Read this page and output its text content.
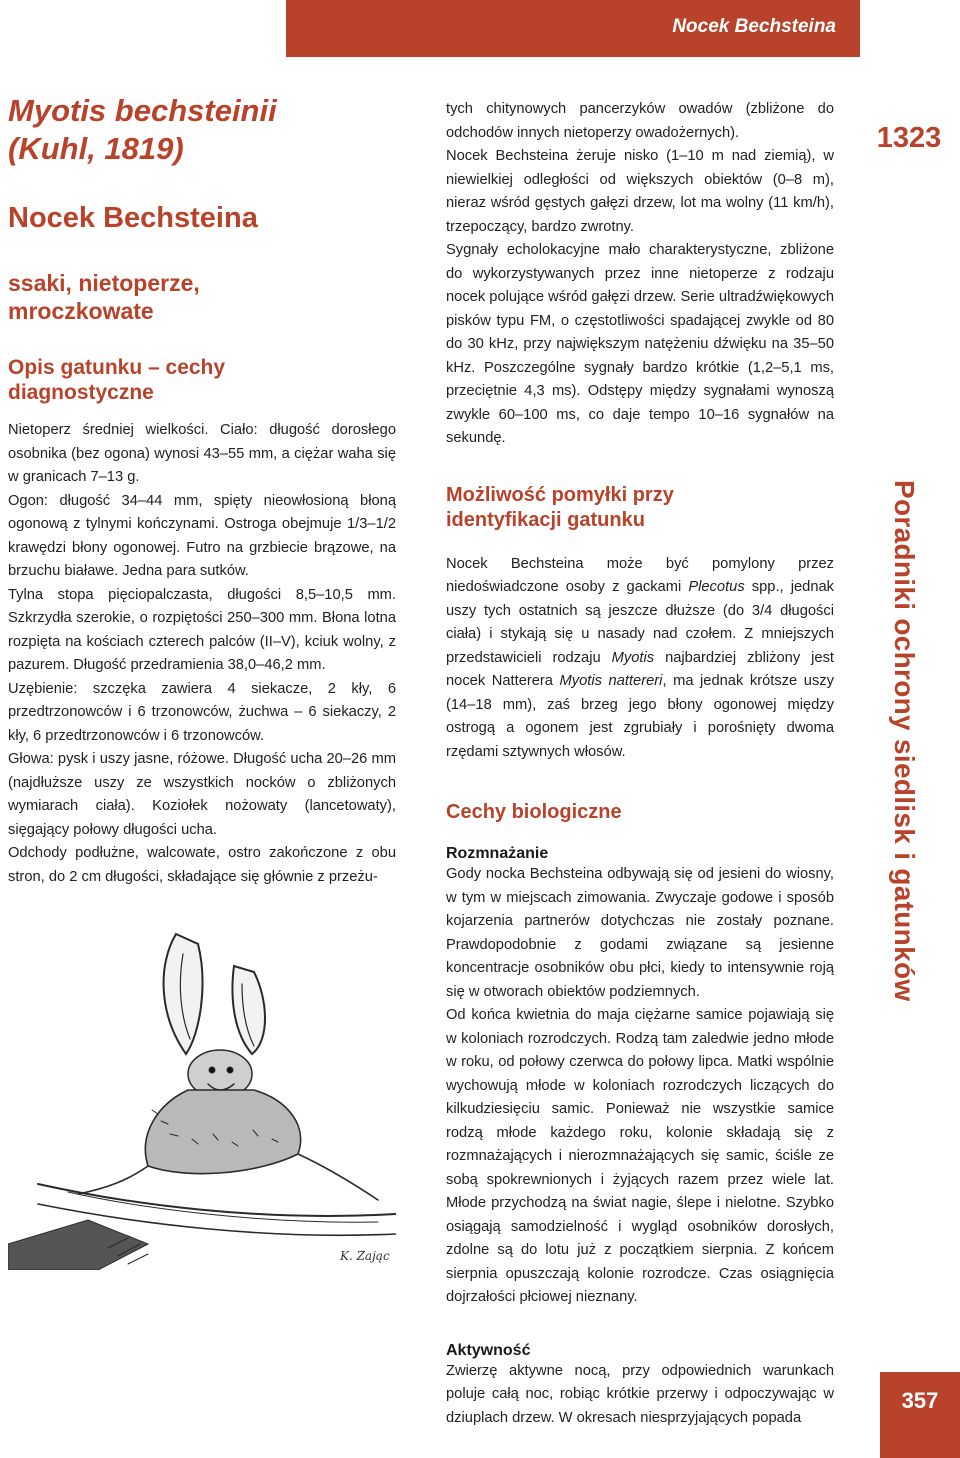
Nocek Bechsteina
Myotis bechsteinii
(Kuhl, 1819)
Nocek Bechsteina
ssaki, nietoperze,
mroczkowate
Opis gatunku – cechy
diagnostyczne

Nietoperz średniej wielkości. Ciało: długość dorosłego osobnika (bez ogona) wynosi 43–55 mm, a ciężar waha się w granicach 7–13 g.

Ogon: długość 34–44 mm, spięty nieowłosioną błoną ogonową z tylnymi kończynami. Ostroga obejmuje 1/3–1/2 krawędzi błony ogonowej. Futro na grzbiecie brązowe, na brzuchu białawe. Jedna para sutków.

Tylna stopa pięciopalczasta, długości 8,5–10,5 mm. Szkrzydła szerokie, o rozpiętości 250–300 mm. Błona lotna rozpięta na kościach czterech palców (II–V), kciuk wolny, z pazurem. Długość przedramienia 38,0–46,2 mm.

Uzębienie: szczęka zawiera 4 siekacze, 2 kły, 6 przedtrzonowców i 6 trzonowców, żuchwa – 6 siekaczy, 2 kły, 6 przedtrzonowców i 6 trzonowców.

Głowa: pysk i uszy jasne, różowe. Długość ucha 20–26 mm (najdłuższe uszy ze wszystkich nocków o zbliżonych wymiarach ciała). Koziołek nożowaty (lancetowaty), sięgający połowy długości ucha.

Odchody podłużne, walcowate, ostro zakończone z obu stron, do 2 cm długości, składające się głównie z przeżu-

K. Zając

tych chitynowych pancerzyków owadów (zbliżone do odchodów innych nietoperzy owadożernych).

Nocek Bechsteina żeruje nisko (1–10 m nad ziemią), w niewielkiej odległości od większych obiektów (0–8 m), nieraz wśród gęstych gałęzi drzew, lot ma wolny (11 km/h), trzepoczący, bardzo zwrotny.

Sygnały echolokacyjne mało charakterystyczne, zbliżone do wykorzystywanych przez inne nietoperze z rodzaju nocek polujące wśród gałęzi drzew. Serie ultradźwiękowych pisków typu FM, o częstotliwości spadającej zwykle od 80 do 30 kHz, przy największym natężeniu dźwięku na 35–50 kHz. Poszczególne sygnały bardzo krótkie (1,2–5,1 ms, przeciętnie 4,3 ms). Odstępy między sygnałami wynoszą zwykle 60–100 ms, co daje tempo 10–16 sygnałów na sekundę.

Możliwość pomyłki przy
identyfikacji gatunku

Nocek Bechsteina może być pomylony przez niedoświadczone osoby z gackami Plecotus spp., jednak uszy tych ostatnich są jeszcze dłuższe (do 3/4 długości ciała) i stykają się u nasady nad czołem. Z mniejszych przedstawicieli rodzaju Myotis najbardziej zbliżony jest nocek Natterera Myotis nattereri, ma jednak krótsze uszy (14–18 mm), zaś brzeg jego błony ogonowej między ostrogą a ogonem jest zgrubiały i porośnięty dwoma rzędami sztywnych włosów.

Cechy biologiczne
Rozmnażanie

Gody nocka Bechsteina odbywają się od jesieni do wiosny, w tym w miejscach zimowania. Zwyczaje godowe i sposób kojarzenia partnerów dotychczas nie zostały poznane. Prawdopodobnie z godami związane są jesienne koncentracje osobników obu płci, kiedy to intensywnie roją się w otworach obiektów podziemnych.

Od końca kwietnia do maja ciężarne samice pojawiają się w koloniach rozrodczych. Rodzą tam zaledwie jedno młode w roku, od połowy czerwca do połowy lipca. Matki wspólnie wychowują młode w koloniach rozrodczych liczących do kilkudziesięciu samic. Ponieważ nie wszystkie samice rodzą młode każdego roku, kolonie składają się z rozmnażających i nierozmnażających się samic, ściśle ze sobą spokrewnionych i żyjących razem przez wiele lat. Młode przychodzą na świat nagie, ślepe i nielotne. Szybko osiągają samodzielność i wygląd osobników dorosłych, zdolne są do lotu już z początkiem sierpnia. Z końcem sierpnia opuszczają kolonie rozrodcze. Czas osiągnięcia dojrzałości płciowej nieznany.

Aktywność

Zwierzę aktywne nocą, przy odpowiednich warunkach poluje całą noc, robiąc krótkie przerwy i odpoczywając w dziuplach drzew. W okresach niesprzyjających popada

1323
Poradniki ochrony siedlisk i gatunków
357
